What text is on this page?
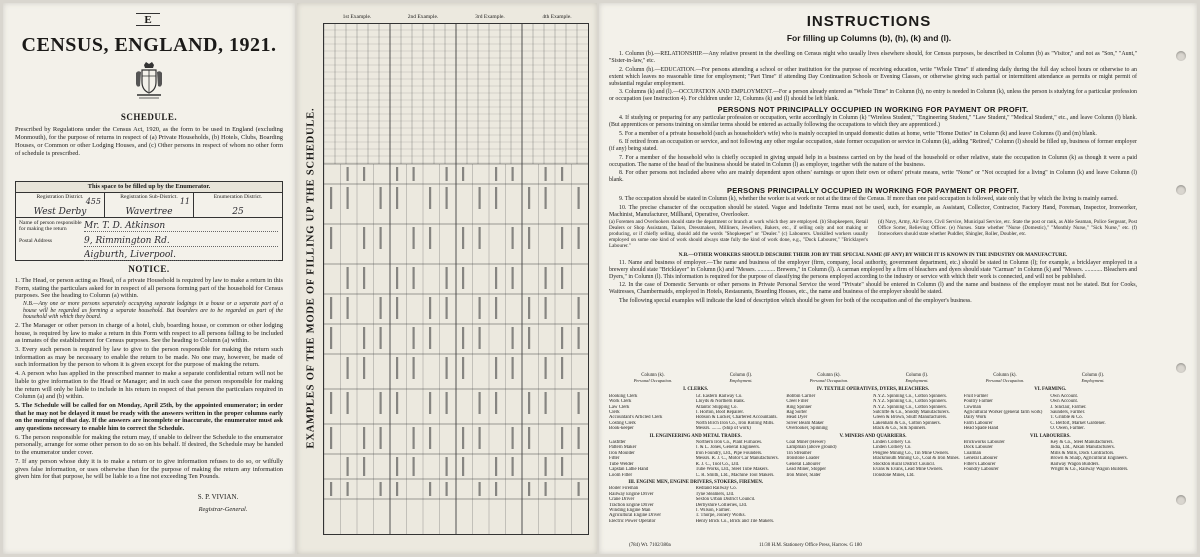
E
CENSUS, ENGLAND, 1921.
SCHEDULE.
Prescribed by Regulations under the Census Act, 1920, as the form to be used in England (excluding Monmouth), for the purpose of returns in respect of (a) Private Households, (b) Hotels, Clubs, Boarding Houses, or Common or other Lodging Houses, and (c) Other persons in respect of whom no other form of schedule is prescribed.
This space to be filled up by the Enumerator.
Registration District. 455
West Derby
Registration Sub-District. 11
Wavertree
Enumeration District.
25
Name of person responsible for making the return	Mr. T. D. Atkinson
Postal Address	9, Rimmington Rd.
Aigburth, Liverpool.
NOTICE.

1. The Head, or person acting as Head, of a private Household is required by law to make a return in this Form, stating the particulars asked for in respect of all persons forming part of the household for Census purposes. See the heading to Column (a) within.

N.B.—Any one or more persons separately occupying separate lodgings in a house or a separate part of a house will be regarded as forming a separate household. But boarders are to be regarded as part of the household with which they board.

2. The Manager or other person in charge of a hotel, club, boarding house, or common or other lodging house, is required by law to make a return in this Form with respect to all persons falling to be included as inmates of the establishment for Census purposes. See the heading to Column (a) within.

3. Every such person is required by law to give to the person responsible for making the return such information as may be necessary to enable the return to be made. No one may, however, be made of such information by the person to whom it is given except for the purpose of making the return.

4. A person who has applied in the prescribed manner to make a separate confidential return will not be liable to give information to the Head or Manager; and in such case the person responsible for making the return will only be liable to include in his return in respect of that person the particulars required in Column (a) and (b) within.

5. The Schedule will be called for on Monday, April 25th, by the appointed enumerator; in order that he may not be delayed it must be ready with the answers written in the proper columns early on the morning of that day. If the answers are incomplete or inaccurate, the enumerator must ask any questions necessary to enable him to correct the Schedule.

6. The person responsible for making the return may, if unable to deliver the Schedule to the enumerator personally, arrange for some other person to do so on his behalf. If desired, the Schedule may be handed to the enumerator under cover.

7. If any person whose duty it is to make a return or to give information refuses to do so, or wilfully gives false information, or uses otherwise than for the purpose of making the return any information given him for that purpose, he will be liable to a fine not exceeding Ten Pounds.

S. P. VIVIAN.
Registrar-General.
EXAMPLES OF THE MODE OF FILLING UP THE SCHEDULE.
1st Example.	2nd Example.	3rd Example.	4th Example.	INSTRUCTIONS
For filling up Columns (b), (h), (k) and (l).

1. Column (b).—RELATIONSHIP.—Any relative present in the dwelling on Census night who usually lives elsewhere should, for Census purposes, be described in Column (b) as "Visitor," and not as "Son," "Aunt," "Sister-in-law," etc.

2. Column (h).—EDUCATION.—For persons attending a school or other institution for the purpose of receiving education, write "Whole Time" if attending daily during the full day school hours or otherwise to an extent which leaves no reasonable time for employment; "Part Time" if attending Day Continuation Schools or Evening Classes, or otherwise giving such partial or intermittent attendance as permits or might permit of substantial regular employment.

3. Columns (k) and (l).—OCCUPATION AND EMPLOYMENT.—For a person already entered as "Whole Time" in Column (h), no entry is needed in Column (k), unless the person is studying for a particular profession or occupation (see Instruction 4). For children under 12, Columns (k) and (l) should be left blank.

PERSONS NOT PRINCIPALLY OCCUPIED IN WORKING FOR PAYMENT OR PROFIT.

4. If studying or preparing for any particular profession or occupation, write accordingly in Column (k) "Wireless Student," "Engineering Student," "Law Student," "Medical Student," etc., and leave Column (l) blank. (But apprentices or persons training on similar terms should be entered as actually following the occupations to which they are apprenticed.)

5. For a member of a private household (such as householder's wife) who is mainly occupied in unpaid domestic duties at home, write "Home Duties" in Column (k) and leave Columns (l) and (m) blank.

6. If retired from an occupation or service, and not following any other regular occupation, state former occupation or service in Column (k), adding "Retired," Column (l) should be filled up, business of former employer (if any) being stated.

7. For a member of the household who is chiefly occupied in giving unpaid help in a business carried on by the head of the household or other relative, state the occupation in Column (k) as though it were a paid occupation. The name of the head of the business should be stated in Column (l) as employer, together with the nature of the business.

8. For other persons not included above who are mainly dependent upon others' earnings or upon their own or others' private means, write "None" or "Not occupied for a living" in Column (k) and leave Column (l) blank.

PERSONS PRINCIPALLY OCCUPIED IN WORKING FOR PAYMENT OR PROFIT.

9. The occupation should be stated in Column (k), whether the worker is at work or not at the time of the Census. If more than one paid occupation is followed, state only that by which the living is mainly earned.

10. The precise character of the occupation should be stated. Vague and Indefinite Terms must not be used, such, for example, as Assistant, Collector, Contractor, Factory Hand, Foreman, Inspector, Ironworker, Machinist, Manufacturer, Millhand, Operative, Overlooker.

(a) Foremen and Overlookers should state the department or branch at work which they are employed. (b) Shopkeepers, Retail Dealers or Shop Assistants, Tailors, Dressmakers, Milliners, Jewellers, Bakers, etc., if selling only and not making or producing, or if chiefly selling, should add the words "Shopkeeper" or "Dealer." (c) Labourers. Unskilled workers usually employed on some one kind of work should always state fully the kind of work done, e.g., "Dock Labourer," "Bricklayer's Labourer."
(d) Navy, Army, Air Force, Civil Service, Municipal Service, etc. State the post or rank, as Able Seaman, Police Sergeant, Post Office Sorter, Relieving Officer. (e) Nurses. State whether "Nurse (Domestic)," "Monthly Nurse," "Sick Nurse," etc. (f) Ironworkers should state whether Puddler, Shingler, Roller, Doubler, etc.
N.B.—OTHER WORKERS SHOULD DESCRIBE THEIR JOB BY THE SPECIAL NAME (IF ANY) BY WHICH IT IS KNOWN IN THE INDUSTRY OR MANUFACTURE.

11. Name and business of employer.—The name and business of the employer (firm, company, local authority, government department, etc.) should be stated in Column (l); for example, a bricklayer employed in a brewery should state "Bricklayer" in Column (k) and "Messrs. ............ Brewers," in Column (l). A carman employed by a firm of bleachers and dyers should state "Carman" in Column (k) and "Messrs. ............ Bleachers and Dyers," in Column (l). This information is required for the purpose of classifying the persons employed according to the industry or service with which their work is connected, and will not be published.

12. In the case of Domestic Servants or other persons in Private Personal Service the word "Private" should be entered in Column (l) and the name and business of the employer must not be stated. But for Cooks, Waitresses, Chambermaids, employed in Hotels, Restaurants, Boarding Houses, etc., the name and business of the employer should be stated.

The following special examples will indicate the kind of description which should be given for both of the occupation and of the employer's business.

Column (k).
Personal Occupation.
Column (l).
Employment.
Column (k).
Personal Occupation.
Column (l).
Employment.
Column (k).
Personal Occupation.
Column (l).
Employment.
I. CLERKS.
Booking Clerk	Gt. Eastern Railway Co.
Work Clerk	Lloyds & Northern Bank.
Law Clerk	Atlantic Shipping Co.
Clerk	J. Horton, Boot Repairer.
Accountant's Articled Clerk	Hobson & Lucker, Chartered Accountants.
Costing Clerk	North Birch Iron Co., Iron Rolling Mills.
Book-keeper	Messrs. ........ (Ship of work)
II. ENGINEERING AND METAL TRADES.
Gasfitter	Northern Iron Co., Plant Furnaces.
Pattern Maker	J. & L. Jones, General Engineers.
Iron Moulder	Iron Foundry, Ltd., Pipe Founders.
Fitter	Messrs. R. J. C., Motor Car Manufacturers.
Tube Welder	R. J. C., Tool Co., Ltd.
Capstan Lathe Hand	Tube Works, Ltd., Steel Tube Makers.
Loom Fitter	C. R. Smith, Ltd., Machine Tool Makers.
III. ENGINE MEN, ENGINE DRIVERS, STOKERS, FIREMEN.
Boiler Fireman	Redland Railway Co.
Railway Engine Driver	Tyne Steamers, Ltd.
Crane Driver	Sexton Urban District Council.
Traction Engine Driver	Derbyshire Collieries, Ltd.
Winding Engine Man	J. Wilson, Farmer.
Agricultural Engine Driver	T. Thorpe, Joinery Works.
Electric Power Operator	Henry Brick Co., Brick and Tile Makers.
IV. TEXTILE OPERATIVES, DYERS, BLEACHERS.
Bobbin Carrier	N.Y.Z. Spinning Co., Cotton Spinners.
Creel Filler	N.Y.Z. Spinning Co., Cotton Spinners.
Ring Spinner	N.Y.Z. Spinning Co., Cotton Spinners.
Rag Sorter	Sutcliffe & Co., Shoddy Manufacturers.
Head Dyer	Green & Brown, Shuff Manufacturers.
Silver Beam Maker	Lakenham & Co., Cotton Spinners.
Overlooker, Spinning	Black & Co., Silk Spinners.
V. MINERS AND QUARRIERS.
Coal Miner (Hewer)	Linden Colliery Co.
Lampman (above ground)	Linden Colliery Co.
Tin Streamer	Pengree Mining Co., Tin Mine Owners.
Ironstone Loader	Blackmouth Mining Co., Coal & Iron Mines.
General Labourer	Stockton Rural District Council.
Lead Miner, Stopper	Evans & Evans, Lead Mine Owners.
Iron Miner, Slater	Ironstone Mines, Ltd.
VI. FARMING.
Fruit Farmer	Own Account.
Poultry Farmer	Own Account.
Cowman	J. Sinclair, Farmer.
Agricultural Worker (general farm work)	Saunders, Farmer.
Dairy Work	T. Grinble & Co.
Farm Labourer	C. Belfort, Market Gardener.
Head Spade Hand	O. Owen, Farmer.
VII. LABOURERS.
Brickworks Labourer	Key & Co., Steel Manufacturers.
Dock Labourer	India, Ltd., Alkali Manufacturers.
Coalman	Mills & Mills, Dock Contractors.
General Labourer	Brown & Sharp, Agricultural Engineers.
Fitter's Labourer	Railway Wagon Builders.
Foundry Labourer	Wright & Co., Railway Wagon Builders.
(784) Wt. 7102/380a	11/30 H.M. Stationery Office Press, Harrow. G 180
